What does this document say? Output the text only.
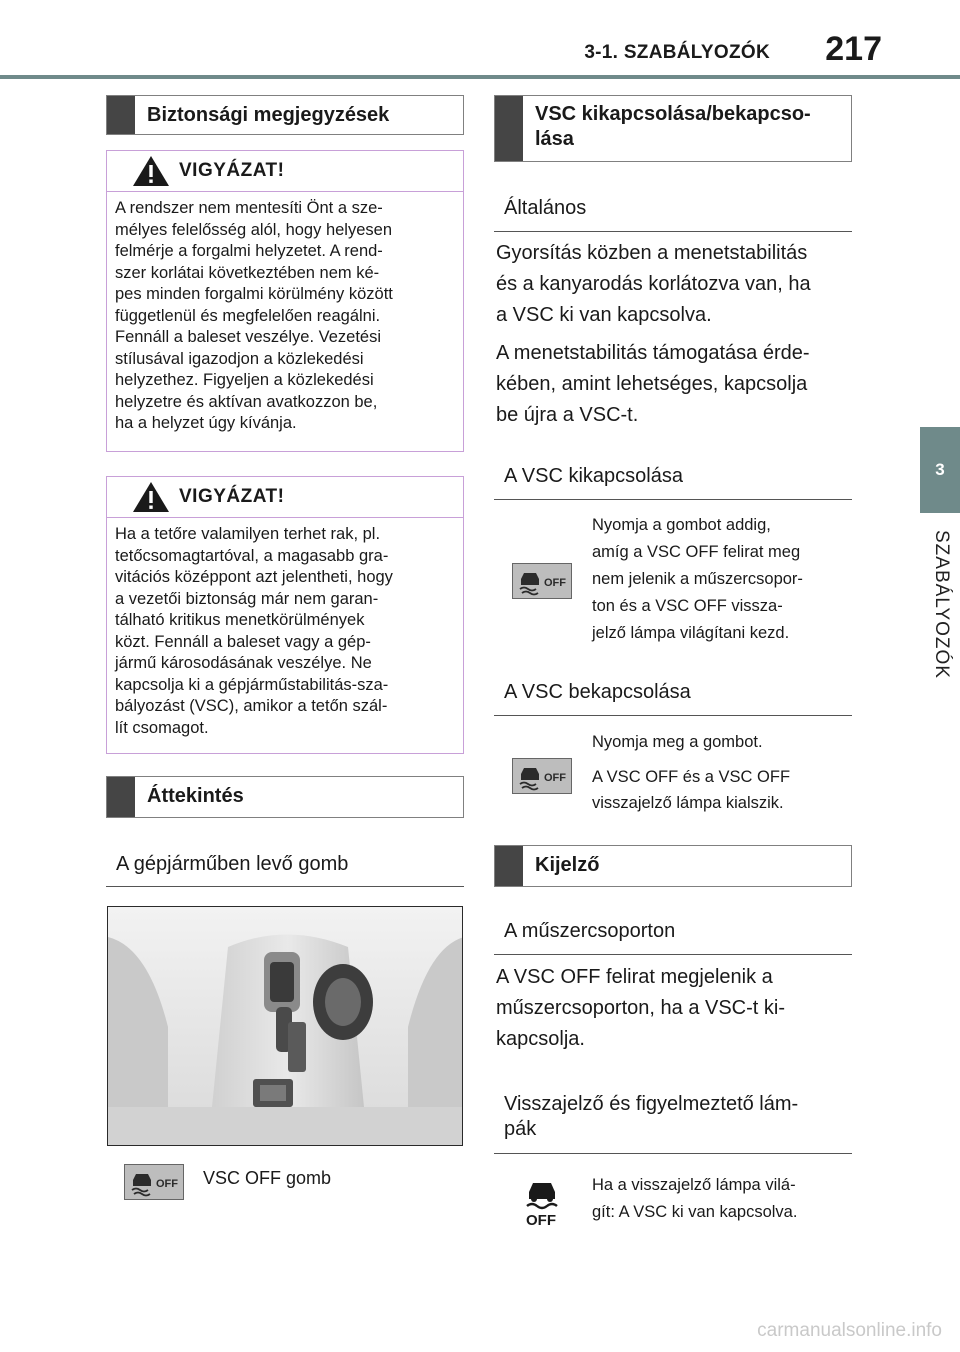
3-1. SZABÁLYOZÓK 217
3
SZABÁLYOZÓK
Biztonsági megjegyzések
VIGYÁZAT!
A rendszer nem mentesíti Önt a sze-
mélyes felelősség alól, hogy helyesen
felmérje a forgalmi helyzetet. A rend-
szer korlátai következtében nem ké-
pes minden forgalmi körülmény között
függetlenül és megfelelően reagálni.
Fennáll a baleset veszélye. Vezetési
stílusával igazodjon a közlekedési
helyzethez. Figyeljen a közlekedési
helyzetre és aktívan avatkozzon be,
ha a helyzet úgy kívánja.
VIGYÁZAT!
Ha a tetőre valamilyen terhet rak, pl.
tetőcsomagtartóval, a magasabb gra-
vitációs középpont azt jelentheti, hogy
a vezetői biztonság már nem garan-
tálható kritikus menetkörülmények
közt. Fennáll a baleset vagy a gép-
jármű károsodásának veszélye. Ne
kapcsolja ki a gépjárműstabilitás-sza-
bályozást (VSC), amikor a tetőn szál-
lít csomagot.
Áttekintés
A gépjárműben levő gomb
OFF VSC OFF gomb
VSC kikapcsolása/bekapcso-
lása
Általános
Gyorsítás közben a menetstabilitás
és a kanyarodás korlátozva van, ha
a VSC ki van kapcsolva.
A menetstabilitás támogatása érde-
kében, amint lehetséges, kapcsolja
be újra a VSC-t.
A VSC kikapcsolása
OFF
Nyomja a gombot addig,
amíg a VSC OFF felirat meg
nem jelenik a műszercsopor-
ton és a VSC OFF vissza-
jelző lámpa világítani kezd.
A VSC bekapcsolása
OFF
Nyomja meg a gombot.
A VSC OFF és a VSC OFF
visszajelző lámpa kialszik.
Kijelző
A műszercsoporton
A VSC OFF felirat megjelenik a
műszercsoporton, ha a VSC-t ki-
kapcsolja.
Visszajelző és figyelmeztető lám-
pák
OFF
Ha a visszajelző lámpa vilá-
gít: A VSC ki van kapcsolva.
carmanualsonline.info
